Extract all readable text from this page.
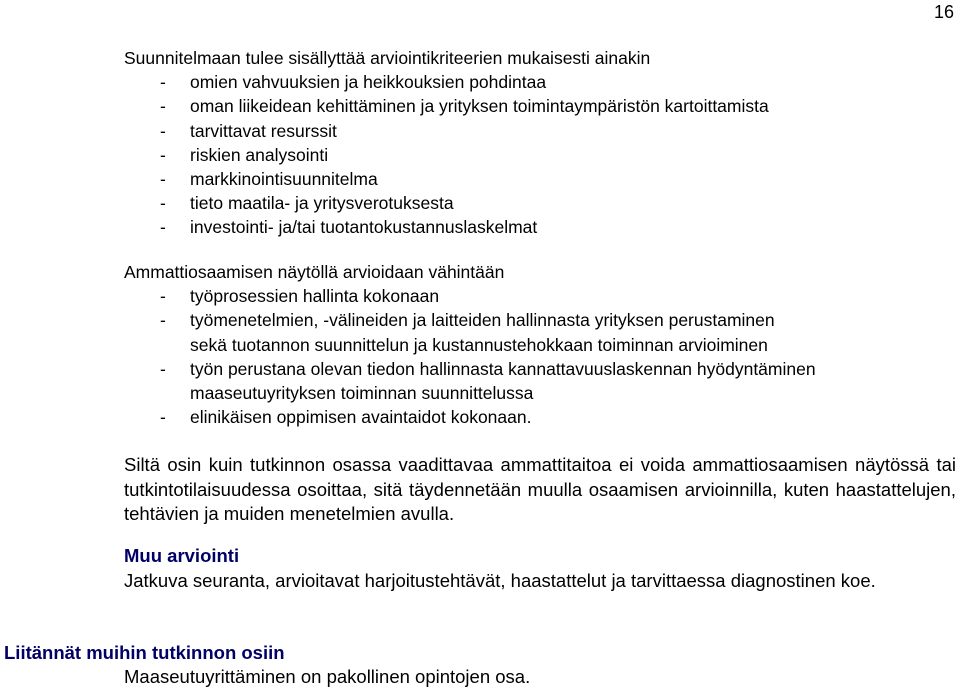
16
Suunnitelmaan tulee sisällyttää arviointikriteerien mukaisesti ainakin
-	omien vahvuuksien ja heikkouksien pohdintaa
-	oman liikeidean kehittäminen ja yrityksen toimintaympäristön kartoittamista
-	tarvittavat resurssit
-	riskien analysointi
-	markkinointisuunnitelma
-	tieto maatila- ja yritysverotuksesta
-	investointi- ja/tai tuotantokustannuslaskelmat
Ammattiosaamisen näytöllä arvioidaan vähintään
-	työprosessien hallinta kokonaan
-	työmenetelmien, -välineiden ja laitteiden hallinnasta yrityksen perustaminen sekä tuotannon suunnittelun ja kustannustehokkaan toiminnan arvioiminen
-	työn perustana olevan tiedon hallinnasta kannattavuuslaskennan hyödyntäminen maaseutuyrityksen toiminnan suunnittelussa
-	elinikäisen oppimisen avaintaidot kokonaan.

Siltä osin kuin tutkinnon osassa vaadittavaa ammattitaitoa ei voida ammattiosaamisen näytössä tai tutkintotilaisuudessa osoittaa, sitä täydennetään muulla osaamisen arvioinnilla, kuten haastattelujen, tehtävien ja muiden menetelmien avulla.

Muu arviointi
Jatkuva seuranta, arvioitavat harjoitustehtävät, haastattelut ja tarvittaessa diagnostinen koe.
Liitännät muihin tutkinnon osiin
Maaseutuyrittäminen on pakollinen opintojen osa.
